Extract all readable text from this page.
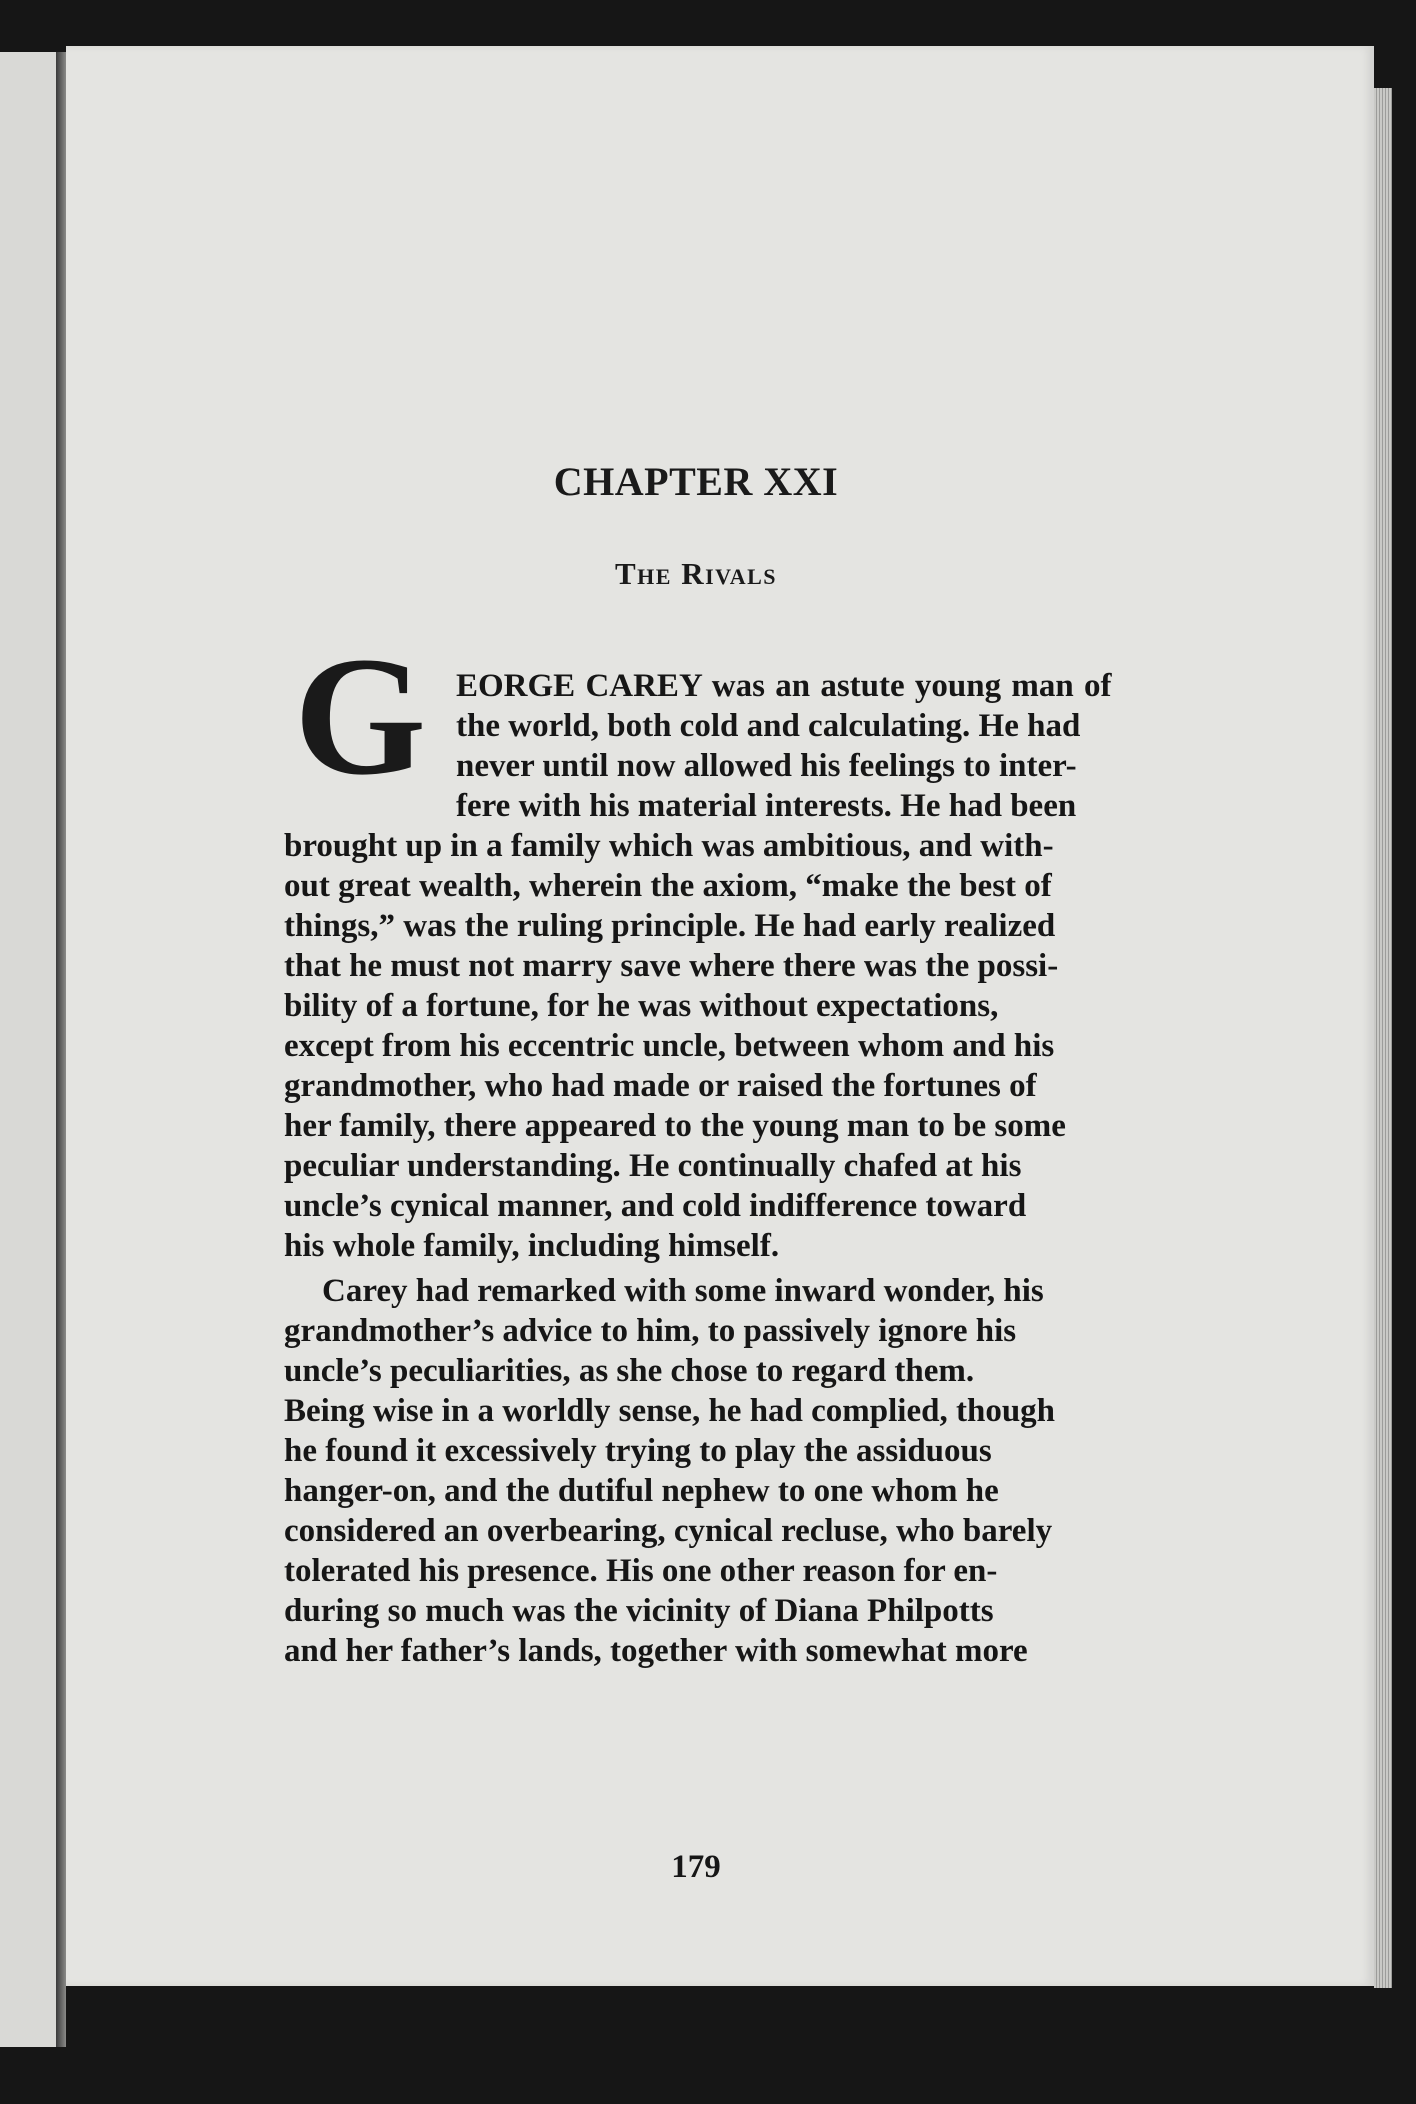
CHAPTER XXI
The Rivals
G EORGE CAREY was an astute young man of
the world, both cold and calculating. He had
never until now allowed his feelings to inter-
fere with his material interests. He had been
brought up in a family which was ambitious, and with-
out great wealth, wherein the axiom, “make the best of
things,” was the ruling principle. He had early realized
that he must not marry save where there was the possi-
bility of a fortune, for he was without expectations,
except from his eccentric uncle, between whom and his
grandmother, who had made or raised the fortunes of
her family, there appeared to the young man to be some
peculiar understanding. He continually chafed at his
uncle’s cynical manner, and cold indifference toward
his whole family, including himself.
Carey had remarked with some inward wonder, his
grandmother’s advice to him, to passively ignore his
uncle’s peculiarities, as she chose to regard them.
Being wise in a worldly sense, he had complied, though
he found it excessively trying to play the assiduous
hanger-on, and the dutiful nephew to one whom he
considered an overbearing, cynical recluse, who barely
tolerated his presence. His one other reason for en-
during so much was the vicinity of Diana Philpotts
and her father’s lands, together with somewhat more
179
